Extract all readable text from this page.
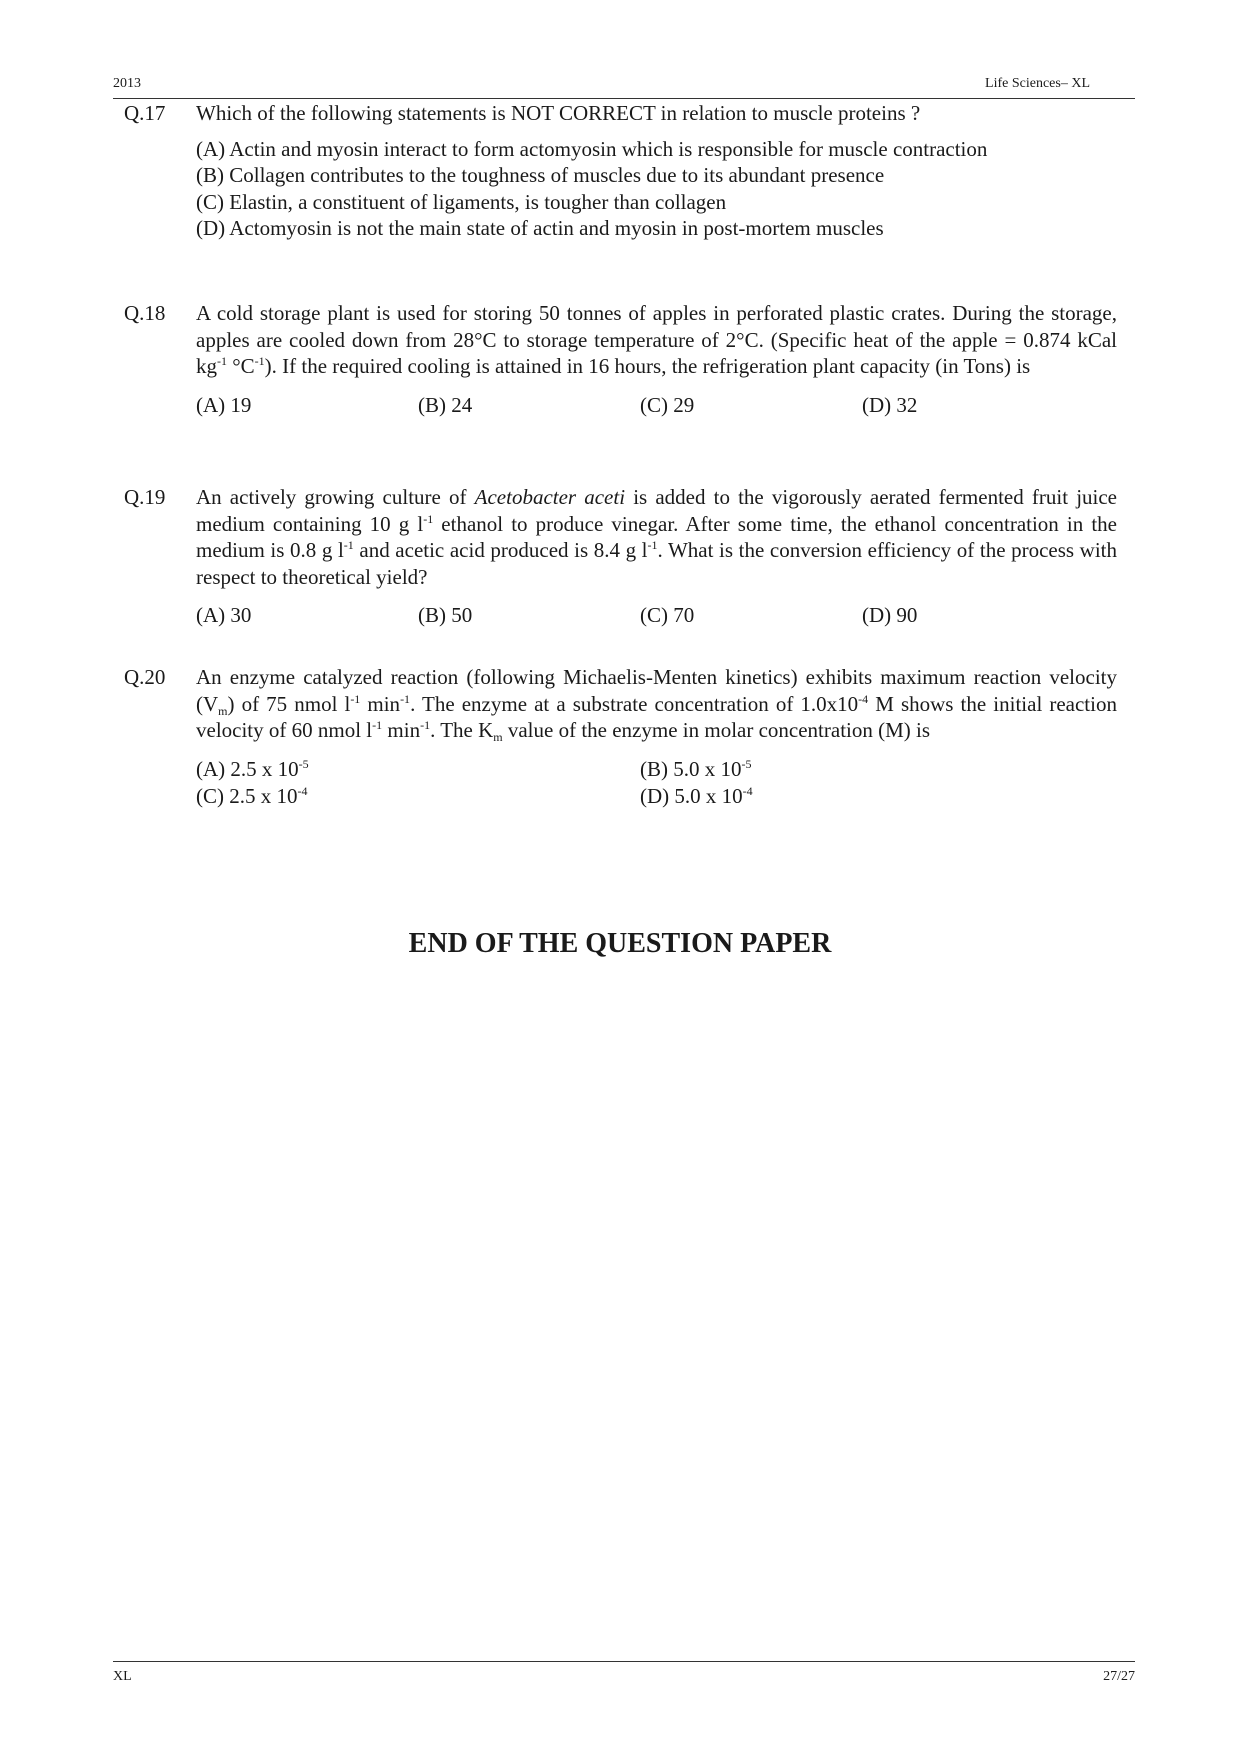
2013	Life Sciences– XL
Q.17 Which of the following statements is NOT CORRECT in relation to muscle proteins ?

(A) Actin and myosin interact to form actomyosin which is responsible for muscle contraction
(B) Collagen contributes to the toughness of muscles due to its abundant presence
(C) Elastin, a constituent of ligaments, is tougher than collagen
(D) Actomyosin is not the main state of actin and myosin in post-mortem muscles
Q.18 A cold storage plant is used for storing 50 tonnes of apples in perforated plastic crates. During the storage, apples are cooled down from 28°C to storage temperature of 2°C. (Specific heat of the apple = 0.874 kCal $kg^{-1}$ $^\circ C^{-1}$). If the required cooling is attained in 16 hours, the refrigeration plant capacity (in Tons) is

(A) 19	(B) 24	(C) 29	(D) 32
Q.19 An actively growing culture of Acetobacter aceti is added to the vigorously aerated fermented fruit juice medium containing 10 g $l^{-1}$ ethanol to produce vinegar. After some time, the ethanol concentration in the medium is 0.8 g $l^{-1}$ and acetic acid produced is 8.4 g $l^{-1}$. What is the conversion efficiency of the process with respect to theoretical yield?

(A) 30	(B) 50	(C) 70	(D) 90
Q.20 An enzyme catalyzed reaction (following Michaelis-Menten kinetics) exhibits maximum reaction velocity $(V_m)$ of 75 nmol $l^{-1}$ $\min^{-1}$. The enzyme at a substrate concentration of $1.0x10^{-4}$ M shows the initial reaction velocity of 60 nmol $l^{-1}$ $\min^{-1}$. The $K_m$ value of the enzyme in molar concentration (M) is

(A) 2.5 x $10^{-5}$	(B) 5.0 x $10^{-5}$
(C) 2.5 x $10^{-4}$	(D) 5.0 x $10^{-4}$
END OF THE QUESTION PAPER
XL	27/27
